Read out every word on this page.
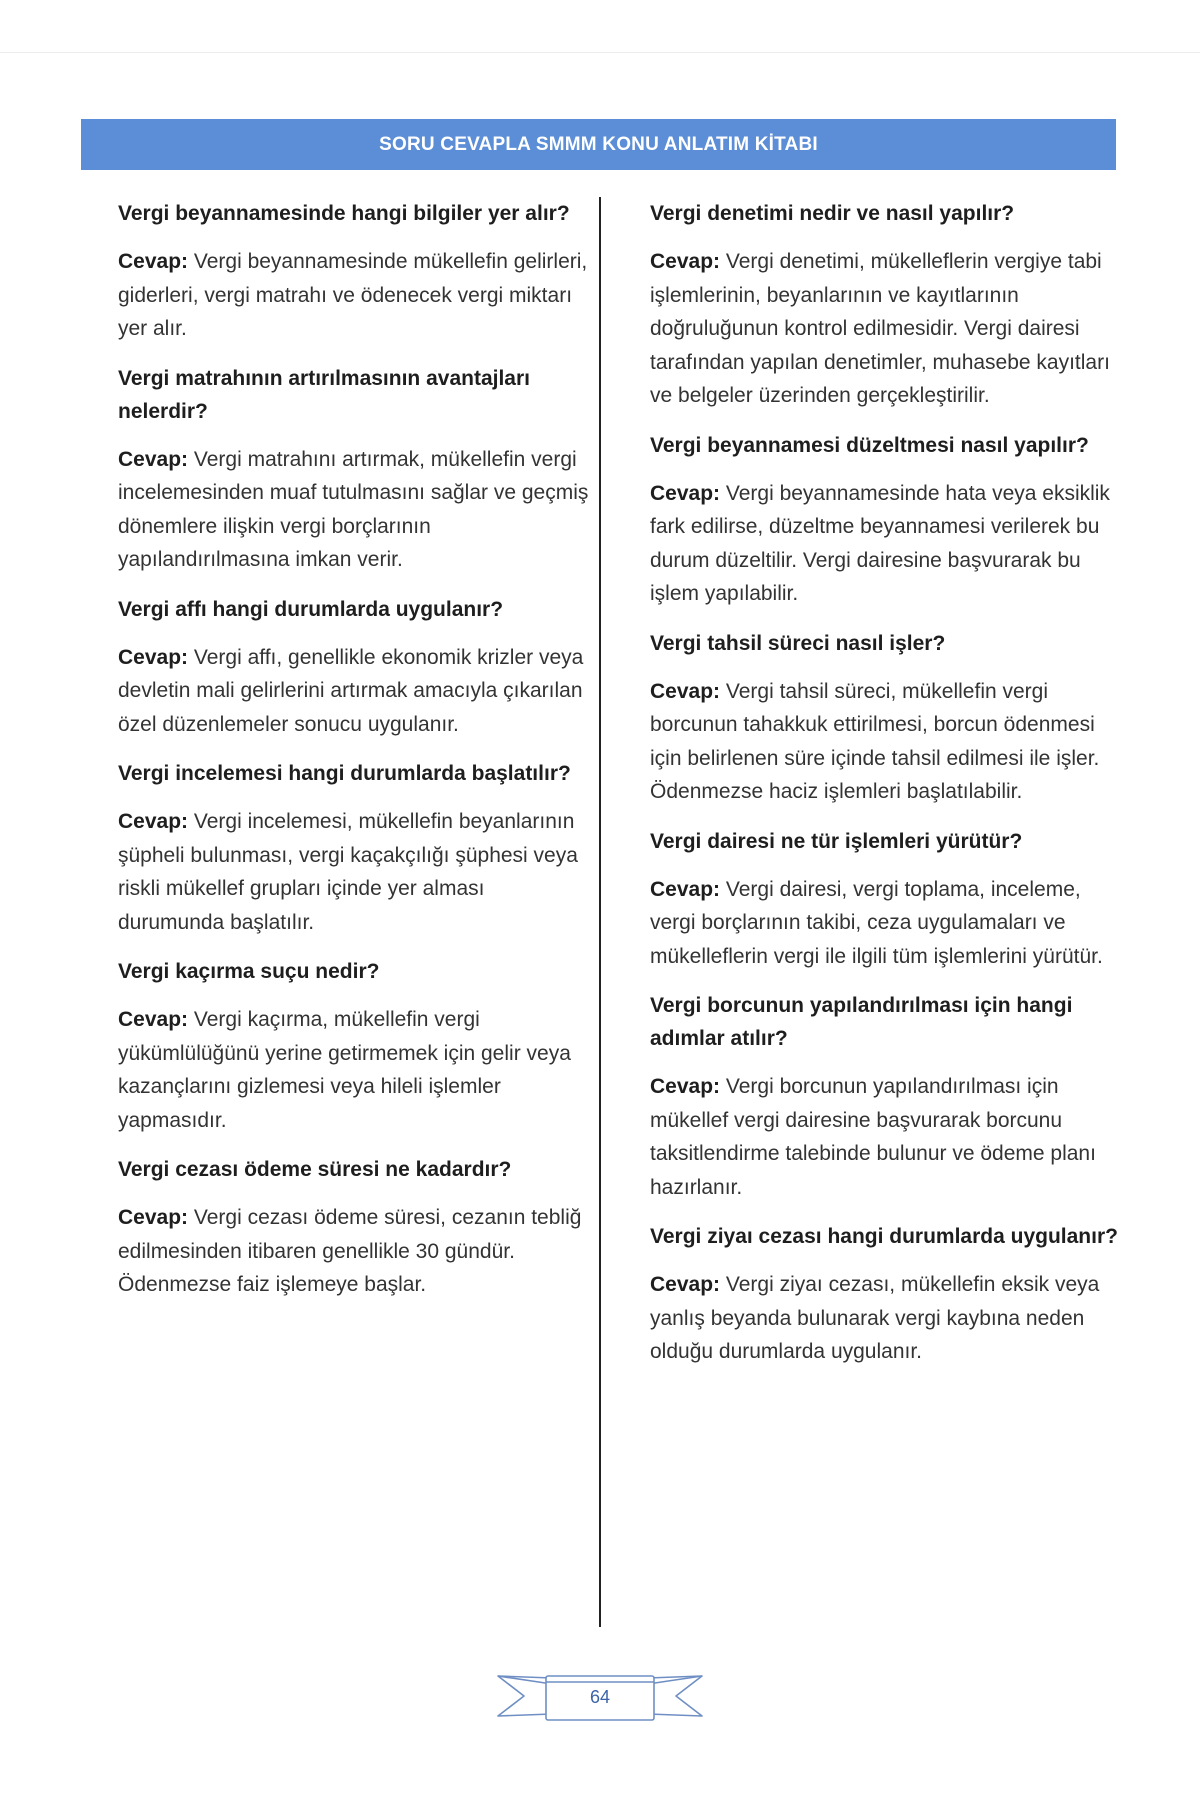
SORU CEVAPLA SMMM KONU ANLATIM KİTABI

Vergi beyannamesinde hangi bilgiler yer alır?

Cevap: Vergi beyannamesinde mükellefin gelirleri, giderleri, vergi matrahı ve ödenecek vergi miktarı yer alır.

Vergi matrahının artırılmasının avantajları nelerdir?

Cevap: Vergi matrahını artırmak, mükellefin vergi incelemesinden muaf tutulmasını sağlar ve geçmiş dönemlere ilişkin vergi borçlarının yapılandırılmasına imkan verir.

Vergi affı hangi durumlarda uygulanır?

Cevap: Vergi affı, genellikle ekonomik krizler veya devletin mali gelirlerini artırmak amacıyla çıkarılan özel düzenlemeler sonucu uygulanır.

Vergi incelemesi hangi durumlarda başlatılır?

Cevap: Vergi incelemesi, mükellefin beyanlarının şüpheli bulunması, vergi kaçakçılığı şüphesi veya riskli mükellef grupları içinde yer alması durumunda başlatılır.

Vergi kaçırma suçu nedir?

Cevap: Vergi kaçırma, mükellefin vergi yükümlülüğünü yerine getirmemek için gelir veya kazançlarını gizlemesi veya hileli işlemler yapmasıdır.

Vergi cezası ödeme süresi ne kadardır?

Cevap: Vergi cezası ödeme süresi, cezanın tebliğ edilmesinden itibaren genellikle 30 gündür. Ödenmezse faiz işlemeye başlar.

Vergi denetimi nedir ve nasıl yapılır?

Cevap: Vergi denetimi, mükelleflerin vergiye tabi işlemlerinin, beyanlarının ve kayıtlarının doğruluğunun kontrol edilmesidir. Vergi dairesi tarafından yapılan denetimler, muhasebe kayıtları ve belgeler üzerinden gerçekleştirilir.

Vergi beyannamesi düzeltmesi nasıl yapılır?

Cevap: Vergi beyannamesinde hata veya eksiklik fark edilirse, düzeltme beyannamesi verilerek bu durum düzeltilir. Vergi dairesine başvurarak bu işlem yapılabilir.

Vergi tahsil süreci nasıl işler?

Cevap: Vergi tahsil süreci, mükellefin vergi borcunun tahakkuk ettirilmesi, borcun ödenmesi için belirlenen süre içinde tahsil edilmesi ile işler. Ödenmezse haciz işlemleri başlatılabilir.

Vergi dairesi ne tür işlemleri yürütür?

Cevap: Vergi dairesi, vergi toplama, inceleme, vergi borçlarının takibi, ceza uygulamaları ve mükelleflerin vergi ile ilgili tüm işlemlerini yürütür.

Vergi borcunun yapılandırılması için hangi adımlar atılır?

Cevap: Vergi borcunun yapılandırılması için mükellef vergi dairesine başvurarak borcunu taksitlendirme talebinde bulunur ve ödeme planı hazırlanır.

Vergi ziyaı cezası hangi durumlarda uygulanır?

Cevap: Vergi ziyaı cezası, mükellefin eksik veya yanlış beyanda bulunarak vergi kaybına neden olduğu durumlarda uygulanır.

64
